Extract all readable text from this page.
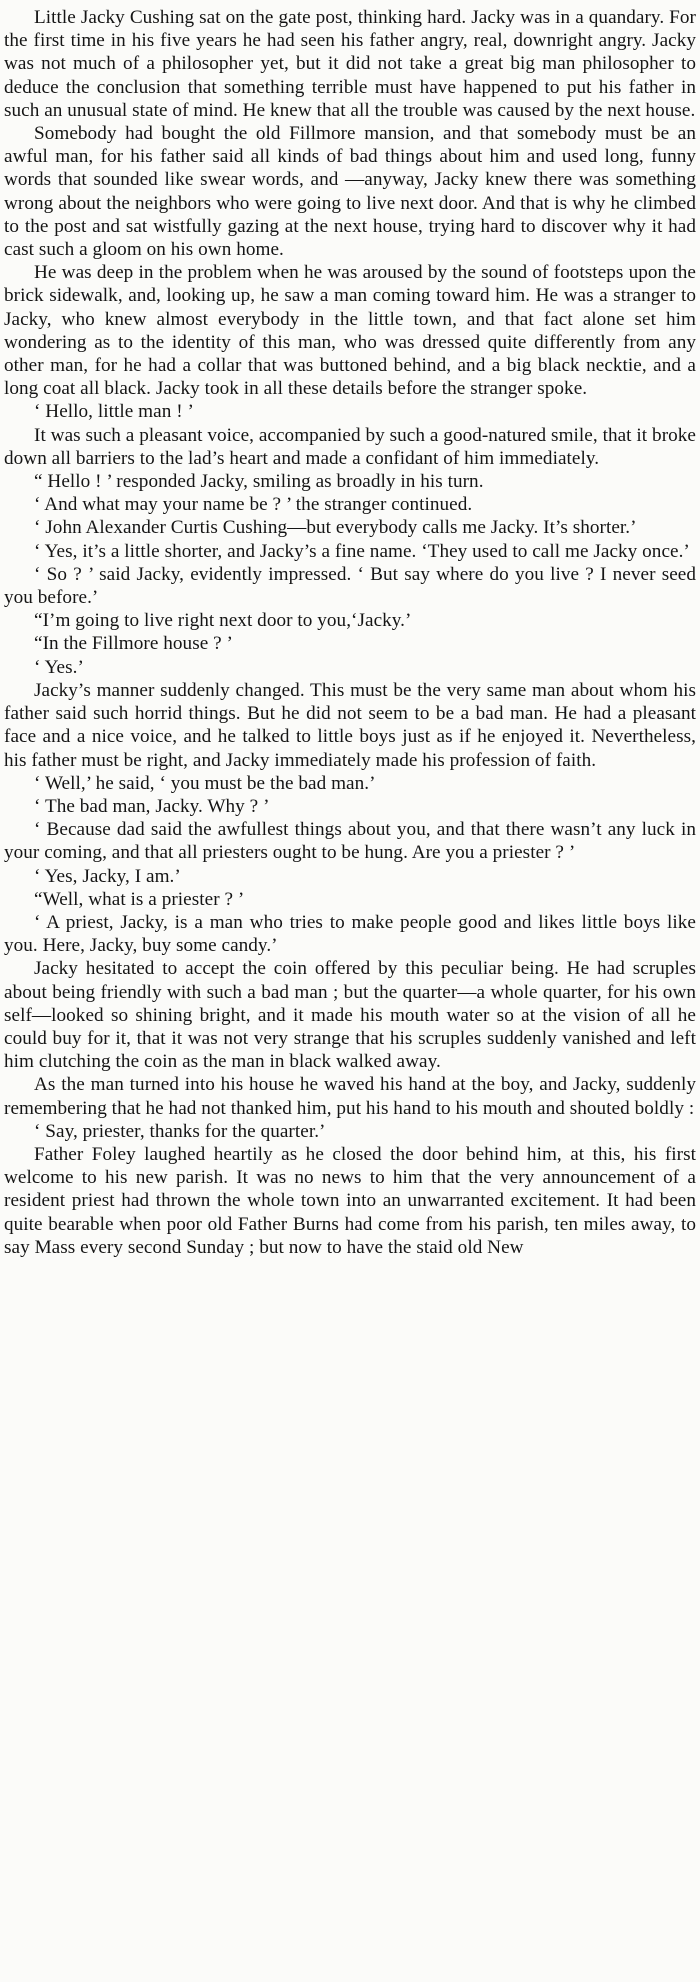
Little Jacky Cushing sat on the gate post, thinking hard. Jacky was in a quandary. For the first time in his five years he had seen his father angry, real, downright angry. Jacky was not much of a philosopher yet, but it did not take a great big man philosopher to deduce the conclusion that something terrible must have happened to put his father in such an unusual state of mind. He knew that all the trouble was caused by the next house.

Somebody had bought the old Fillmore mansion, and that somebody must be an awful man, for his father said all kinds of bad things about him and used long, funny words that sounded like swear words, and —anyway, Jacky knew there was something wrong about the neighbors who were going to live next door. And that is why he climbed to the post and sat wistfully gazing at the next house, trying hard to discover why it had cast such a gloom on his own home.

He was deep in the problem when he was aroused by the sound of footsteps upon the brick sidewalk, and, looking up, he saw a man coming toward him. He was a stranger to Jacky, who knew almost everybody in the little town, and that fact alone set him wondering as to the identity of this man, who was dressed quite differently from any other man, for he had a collar that was buttoned behind, and a big black necktie, and a long coat all black. Jacky took in all these details before the stranger spoke.

‘ Hello, little man ! ’

It was such a pleasant voice, accompanied by such a good-natured smile, that it broke down all barriers to the lad’s heart and made a confidant of him immediately.

“ Hello ! ’ responded Jacky, smiling as broadly in his turn.

‘ And what may your name be ? ’ the stranger continued.

‘ John Alexander Curtis Cushing—but everybody calls me Jacky. It’s shorter.’

‘ Yes, it’s a little shorter, and Jacky’s a fine name. ‘They used to call me Jacky once.’

‘ So ? ’ said Jacky, evidently impressed. ‘ But say where do you live ? I never seed you before.’

“I’m going to live right next door to you,‘Jacky.’

“In the Fillmore house ? ’

‘ Yes.’

Jacky’s manner suddenly changed. This must be the very same man about whom his father said such horrid things. But he did not seem to be a bad man. He had a pleasant face and a nice voice, and he talked to little boys just as if he enjoyed it. Nevertheless, his father must be right, and Jacky immediately made his profession of faith.

‘ Well,’ he said, ‘ you must be the bad man.’

‘ The bad man, Jacky. Why ? ’

‘ Because dad said the awfullest things about you, and that there wasn’t any luck in your coming, and that all priesters ought to be hung. Are you a priester ? ’

‘ Yes, Jacky, I am.’

“Well, what is a priester ? ’

‘ A priest, Jacky, is a man who tries to make people good and likes little boys like you. Here, Jacky, buy some candy.’

Jacky hesitated to accept the coin offered by this peculiar being. He had scruples about being friendly with such a bad man ; but the quarter—a whole quarter, for his own self—looked so shining bright, and it made his mouth water so at the vision of all he could buy for it, that it was not very strange that his scruples suddenly vanished and left him clutching the coin as the man in black walked away.

As the man turned into his house he waved his hand at the boy, and Jacky, suddenly remembering that he had not thanked him, put his hand to his mouth and shouted boldly :

‘ Say, priester, thanks for the quarter.’

Father Foley laughed heartily as he closed the door behind him, at this, his first welcome to his new parish. It was no news to him that the very announcement of a resident priest had thrown the whole town into an unwarranted excitement. It had been quite bearable when poor old Father Burns had come from his parish, ten miles away, to say Mass every second Sunday ; but now to have the staid old New
